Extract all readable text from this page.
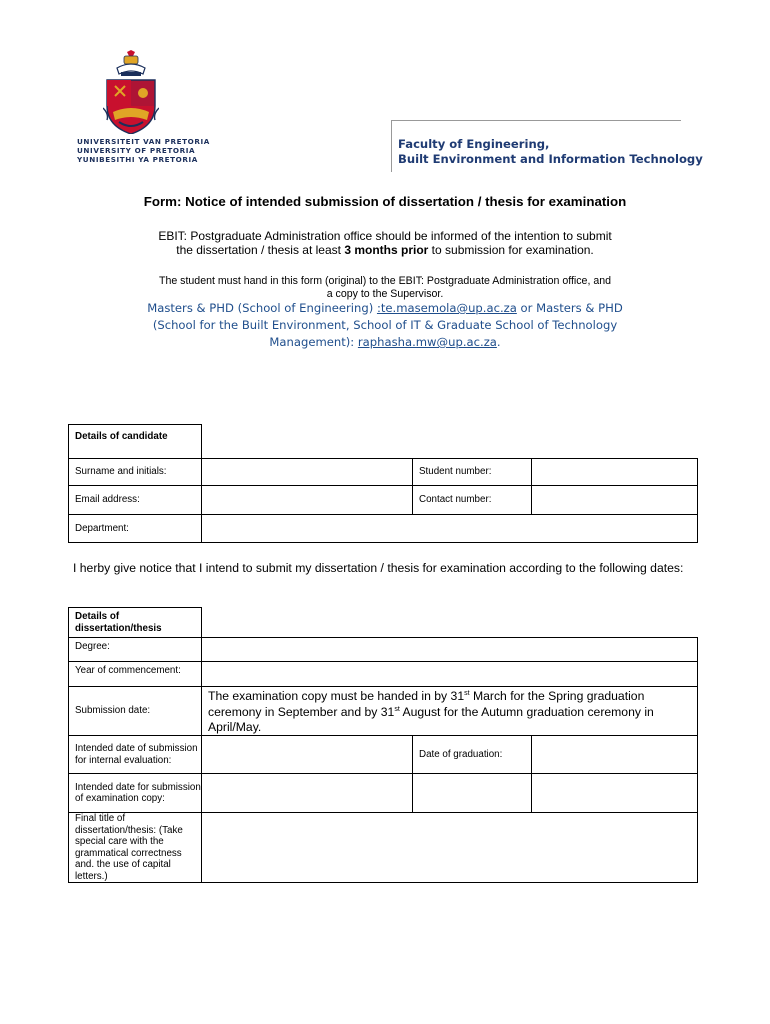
UNIVERSITEIT VAN PRETORIA
UNIVERSITY OF PRETORIA
YUNIBESITHI YA PRETORIA
Faculty of Engineering,
Built Environment and Information Technology
Form: Notice of intended submission of dissertation / thesis for examination
EBIT: Postgraduate Administration office should be informed of the intention to submit
the dissertation / thesis at least 3 months prior to submission for examination.
The student must hand in this form (original) to the EBIT: Postgraduate Administration office, and
a copy to the Supervisor.
Masters & PHD (School of Engineering) :te.masemola@up.ac.za or Masters & PHD
(School for the Built Environment, School of IT & Graduate School of Technology
Management): raphasha.mw@up.ac.za.
Details of candidate
Surname and initials:	Student number:
Email address:	Contact number:
Department:
I herby give notice that I intend to submit my dissertation / thesis for examination according to the following dates:
Details of dissertation/thesis
Degree:
Year of commencement:
Submission date:
The examination copy must be handed in by 31st March for the Spring graduation ceremony in September and by 31st August for the Autumn graduation ceremony in April/May.
Intended date of submission for internal evaluation:
Date of graduation:
Intended date for submission of examination copy:
Final title of dissertation/thesis: (Take special care with the grammatical correctness and. the use of capital letters.)
